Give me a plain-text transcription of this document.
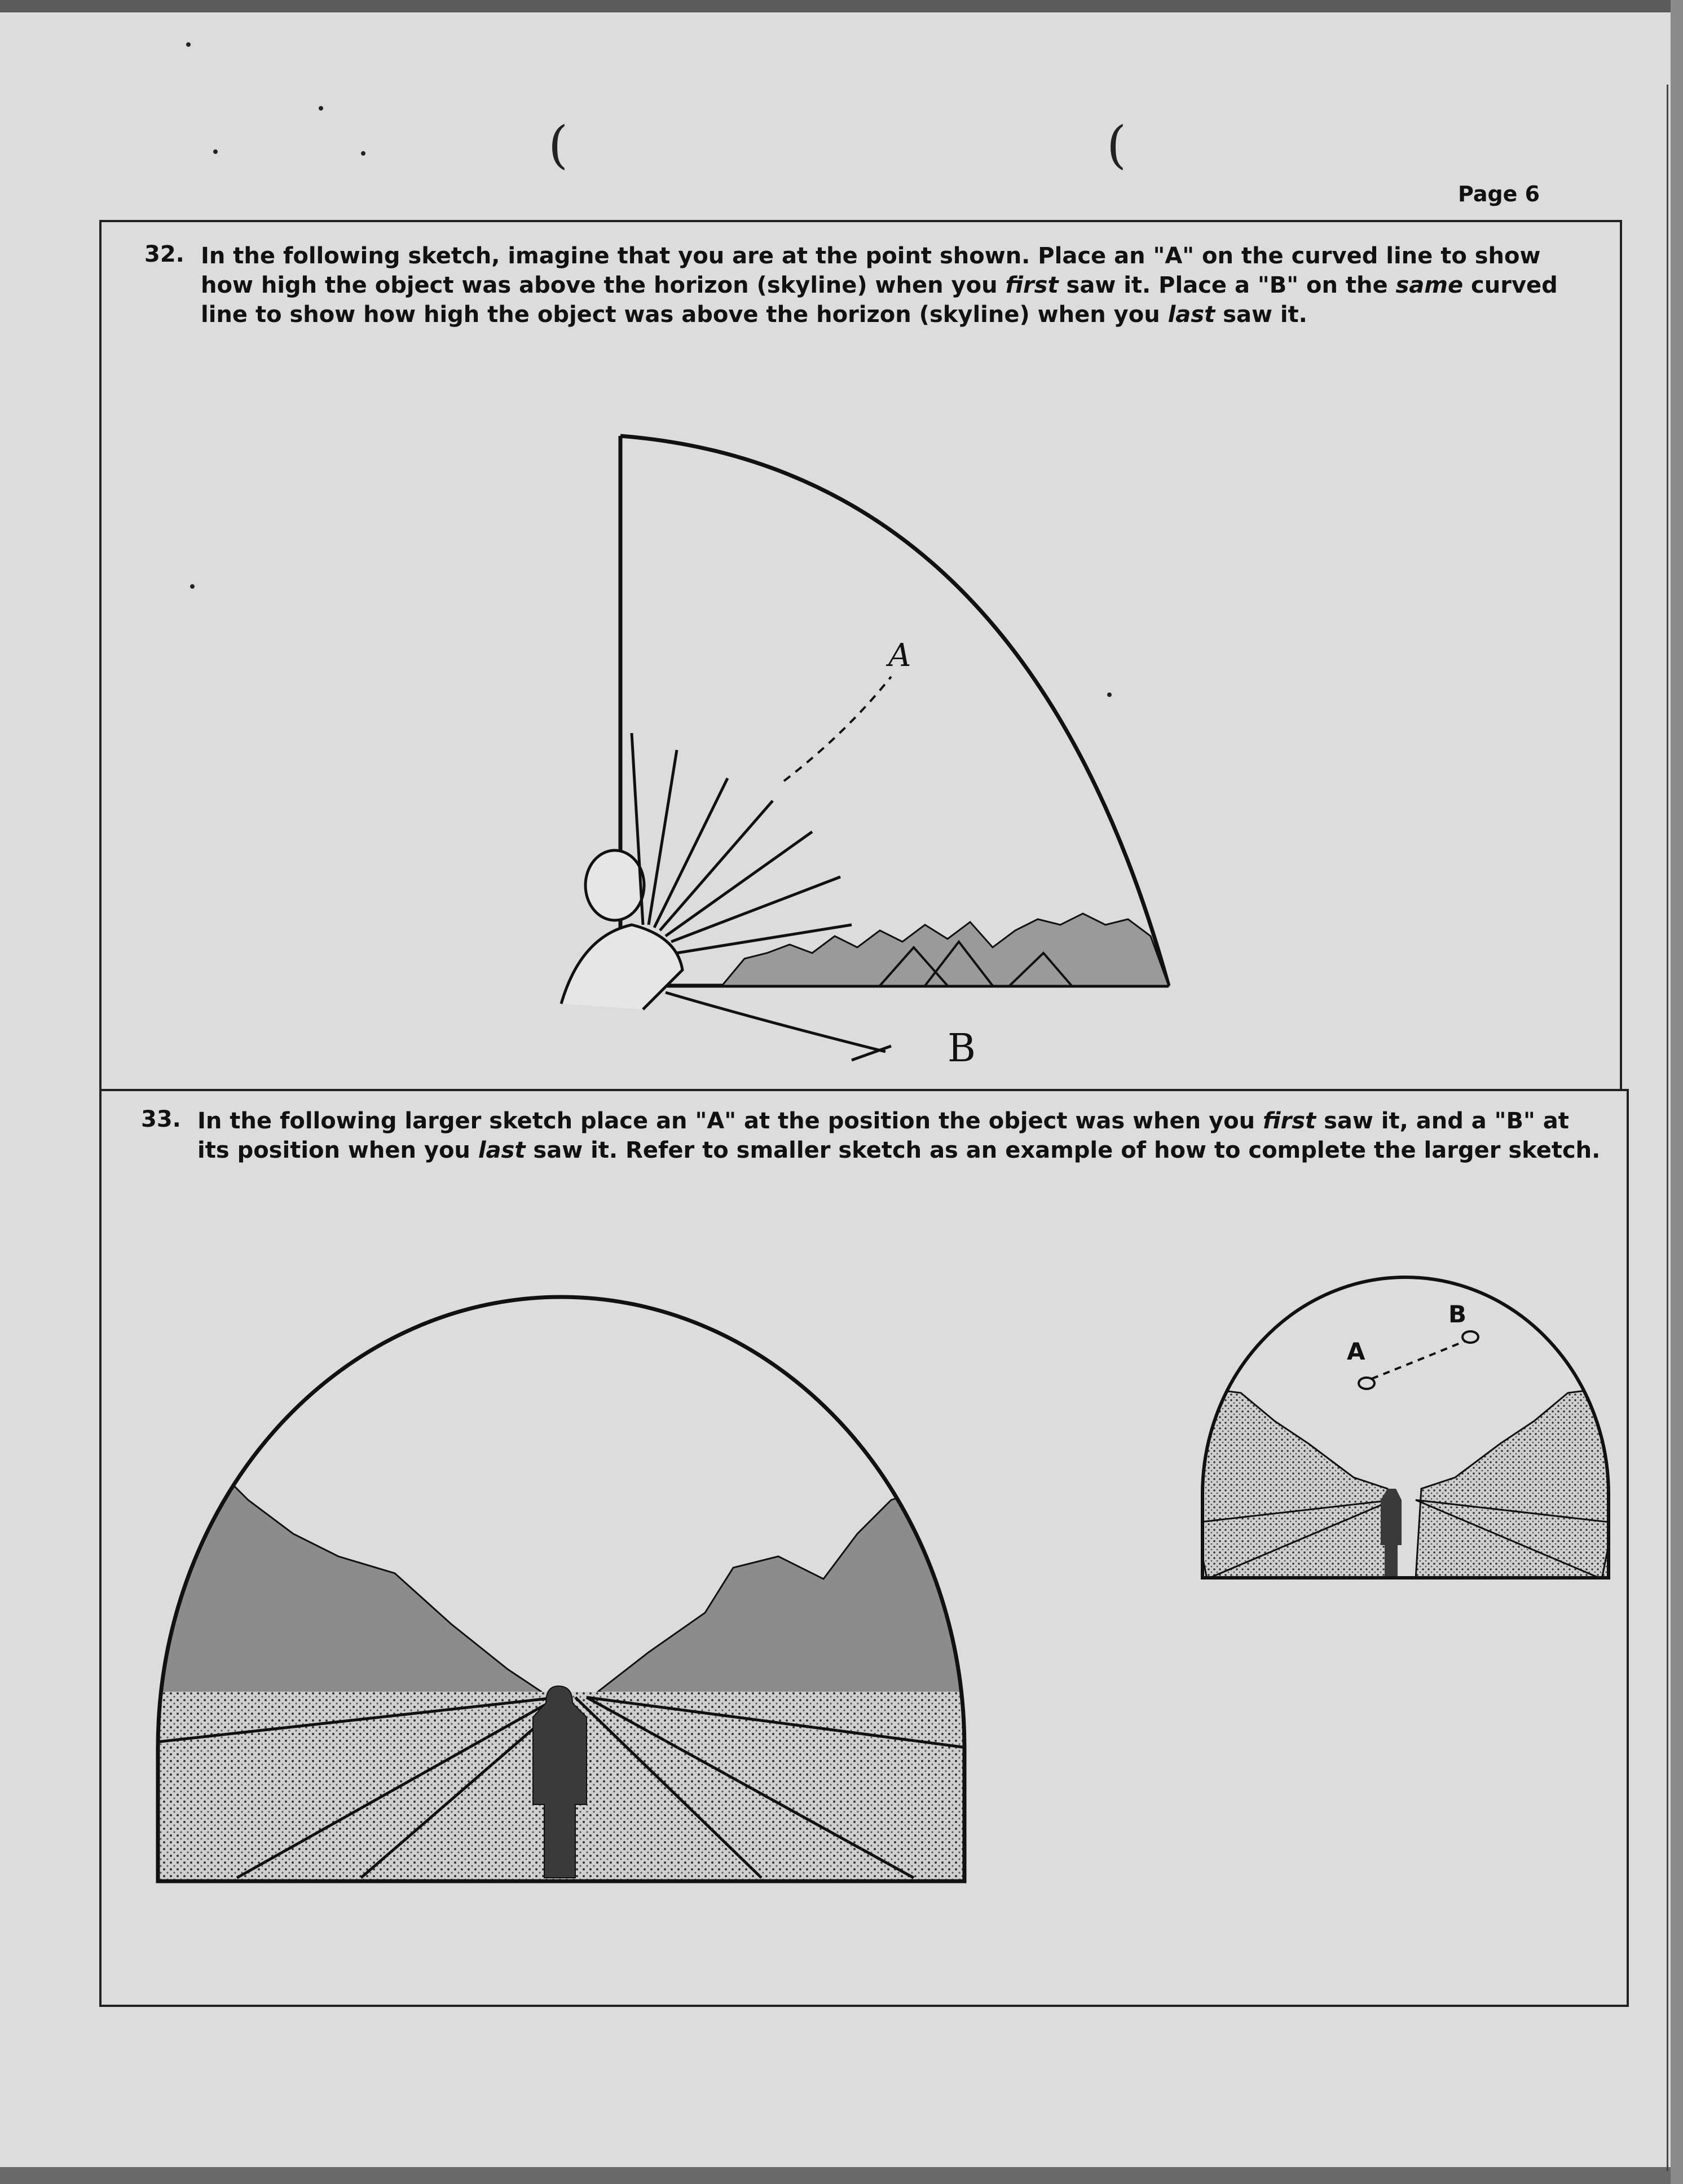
(	(
Page 6
32. In the following sketch, imagine that you are at the point shown. Place an "A" on the curved line to show how high the object was above the horizon (skyline) when you first saw it. Place a "B" on the same curved line to show how high the object was above the horizon (skyline) when you last saw it.
A
B
33. In the following larger sketch place an "A" at the position the object was when you first saw it, and a "B" at its position when you last saw it. Refer to smaller sketch as an example of how to complete the larger sketch.
A
B
